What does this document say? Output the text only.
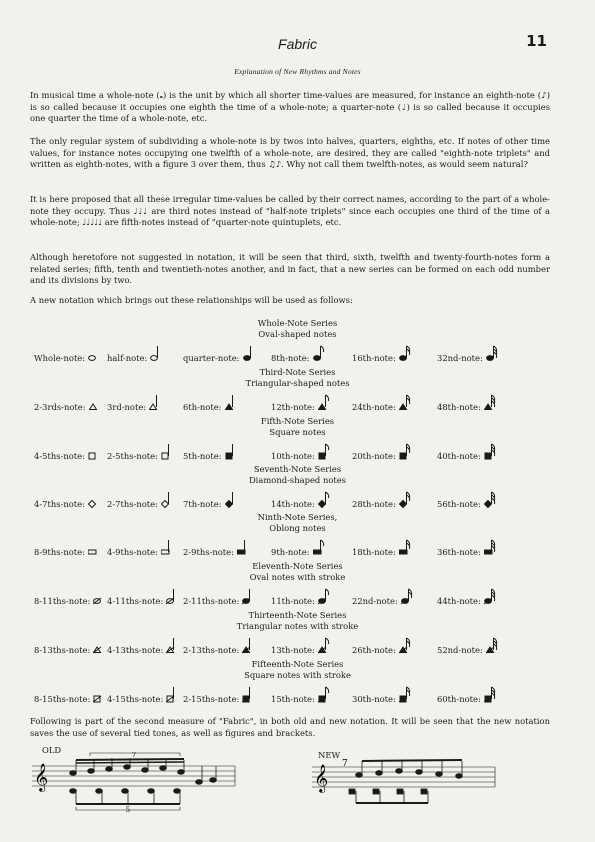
11
Fabric
Explanation of New Rhythms and Notes
In musical time a whole-note (𝅝) is the unit by which all shorter time-values are measured, for instance an eighth-note (♪) is so called because it occupies one eighth the time of a whole-note; a quarter-note (♩) is so called because it occupies one quarter the time of a whole-note, etc.
The only regular system of subdividing a whole-note is by twos into halves, quarters, eighths, etc. If notes of other time values, for instance notes occupying one twelfth of a whole-note, are desired, they are called "eighth-note triplets" and written as eighth-notes, with a figure 3 over them, thus ♫♪. Why not call them twelfth-notes, as would seem natural?
It is here proposed that all these irregular time-values be called by their correct names, according to the part of a whole-note they occupy. Thus ♩♩♩ are third notes instead of "half-note triplets" since each occupies one third of the time of a whole-note; ♩♩♩♩♩ are fifth-notes instead of "quarter-note quintuplets, etc.
Although heretofore not suggested in notation, it will be seen that third, sixth, twelfth and twenty-fourth-notes form a related series; fifth, tenth and twentieth-notes another, and in fact, that a new series can be formed on each odd number and its divisions by two.
A new notation which brings out these relationships will be used as follows:
Whole-Note Series
Oval-shaped notes
Whole-note:	half-note:	quarter-note:	8th-note:	16th-note:	32nd-note:
Third-Note Series
Triangular-shaped notes
2-3rds-note:	3rd-note:	6th-note:	12th-note:	24th-note:	48th-note:
Fifth-Note Series
Square notes
4-5ths-note:	2-5ths-note:	5th-note:	10th-note:	20th-note:	40th-note:
Seventh-Note Series
Diamond-shaped notes
4-7ths-note:	2-7ths-note:	7th-note:	14th-note:	28th-note:	56th-note:
Ninth-Note Series,
Oblong notes
8-9ths-note:	4-9ths-note:	2-9ths-note:	9th-note:	18th-note:	36th-note:
Eleventh-Note Series
Oval notes with stroke
8-11ths-note: 4-11ths-note: 2-11ths-note:	11th-note:	22nd-note:	44th-note:
Thirteenth-Note Series
Triangular notes with stroke
8-13ths-note: 4-13ths-note: 2-13ths-note:	13th-note:	26th-note:	52nd-note:
Fifteenth-Note Series
Square notes with stroke
8-15ths-note: 4-15ths-note: 2-15ths-note:	15th-note:	30th-note:	60th-note:
Following is part of the second measure of "Fabric", in both old and new notation. It will be seen that the new notation saves the use of several tied tones, as well as figures and brackets.
OLD	NEW
𝄞
7
5
𝄞 7
